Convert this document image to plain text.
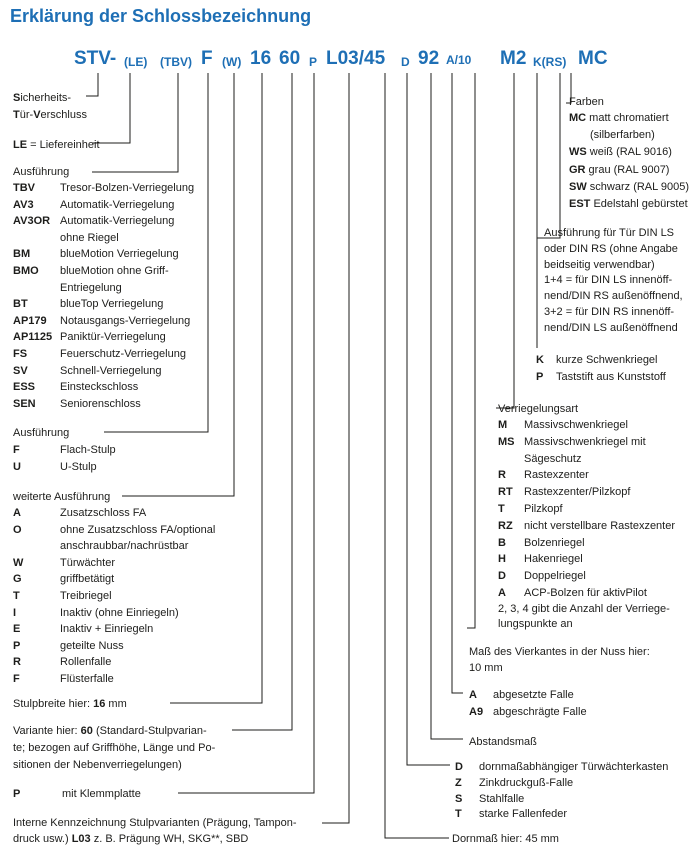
Erklärung der Schlossbezeichnung
STV- (LE) (TBV) F (W) 16 60 P L03/45 D 92 A/10 M2 K(RS) MC
Sicherheits-
Tür-Verschluss
LE = Liefereinheit
Ausführung
TBV Tresor-Bolzen-Verriegelung
AV3 Automatik-Verriegelung
AV3OR Automatik-Verriegelung
ohne Riegel
BM	blueMotion Verriegelung
BMO blueMotion ohne Griff-
Entriegelung
BT	blueTop Verriegelung
AP179 Notausgangs-Verriegelung
AP1125 Paniktür-Verriegelung
FS	Feuerschutz-Verriegelung
SV	Schnell-Verriegelung
ESS Einsteckschloss
SEN Seniorenschloss
Ausführung
F	Flach-Stulp
U	U-Stulp
weiterte Ausführung
A	Zusatzschloss FA
O	ohne Zusatzschloss FA/optional
anschraubbar/nachrüstbar
W	Türwächter
G	griffbetätigt
T	Treibriegel
I	Inaktiv (ohne Einriegeln)
E	Inaktiv + Einriegeln
P	geteilte Nuss
R	Rollenfalle
F	Flüsterfalle
Stulpbreite hier: 16 mm
Variante hier: 60 (Standard-Stulpvarian-
te; bezogen auf Griffhöhe, Länge und Po-
sitionen der Nebenverriegelungen)
P	mit Klemmplatte
Interne Kennzeichnung Stulpvarianten (Prägung, Tampon-
druck usw.) L03 z. B. Prägung WH, SKG**, SBD
Farben
MC matt chromatiert
(silberfarben)
WS weiß (RAL 9016)
GR grau (RAL 9007)
SW schwarz (RAL 9005)
EST Edelstahl gebürstet
Ausführung für Tür DIN LS
oder DIN RS (ohne Angabe
beidseitig verwendbar)
1+4 = für DIN LS innenöff-
nend/DIN RS außenöffnend,
3+2 = für DIN RS innenöff-
nend/DIN LS außenöffnend
K kurze Schwenkriegel
P Taststift aus Kunststoff
Verriegelungsart
M Massivschwenkriegel
MS Massivschwenkriegel mit
Sägeschutz
R Rastexzenter
RT Rastexzenter/Pilzkopf
T Pilzkopf
RZ nicht verstellbare Rastexzenter
B Bolzenriegel
H Hakenriegel
D Doppelriegel
A ACP-Bolzen für aktivPilot
2, 3, 4 gibt die Anzahl der Verriege-
lungspunkte an
Maß des Vierkantes in der Nuss hier:
10 mm
A abgesetzte Falle
A9 abgeschrägte Falle
Abstandsmaß
D dornmaßabhängiger Türwächterkasten
Z Zinkdruckguß-Falle
S Stahlfalle
T starke Fallenfeder
Dornmaß hier: 45 mm
